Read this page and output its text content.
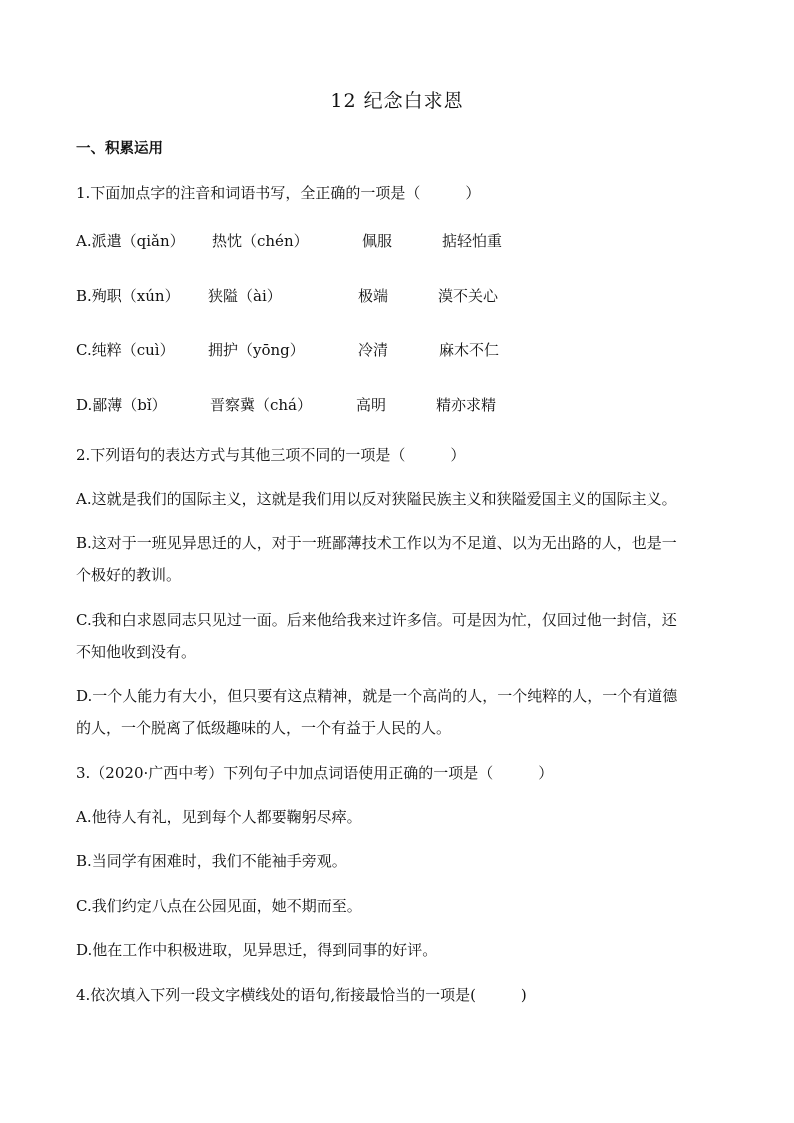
12 纪念白求恩
一、积累运用
1.下面加点字的注音和词语书写，全正确的一项是（　　　）
A.派遣（qiǎn） 热忱（chén）	佩服	掂轻怕重
B.殉职（xún） 狭隘（ài）	极端	漠不关心
C.纯粹（cuì） 拥护（yōng）	冷清	麻木不仁
D.鄙薄（bǐ）	晋察冀（chá）	高明	精亦求精
2.下列语句的表达方式与其他三项不同的一项是（　　　）
A.这就是我们的国际主义，这就是我们用以反对狭隘民族主义和狭隘爱国主义的国际主义。
B.这对于一班见异思迁的人，对于一班鄙薄技术工作以为不足道、以为无出路的人，也是一
个极好的教训。
C.我和白求恩同志只见过一面。后来他给我来过许多信。可是因为忙，仅回过他一封信，还
不知他收到没有。
D.一个人能力有大小，但只要有这点精神，就是一个高尚的人，一个纯粹的人，一个有道德
的人，一个脱离了低级趣味的人，一个有益于人民的人。
3.（2020·广西中考）下列句子中加点词语使用正确的一项是（　　　）
A.他待人有礼，见到每个人都要鞠躬尽瘁。
B.当同学有困难时，我们不能袖手旁观。
C.我们约定八点在公园见面，她不期而至。
D.他在工作中积极进取，见异思迁，得到同事的好评。
4.依次填入下列一段文字横线处的语句,衔接最恰当的一项是(　　　)
